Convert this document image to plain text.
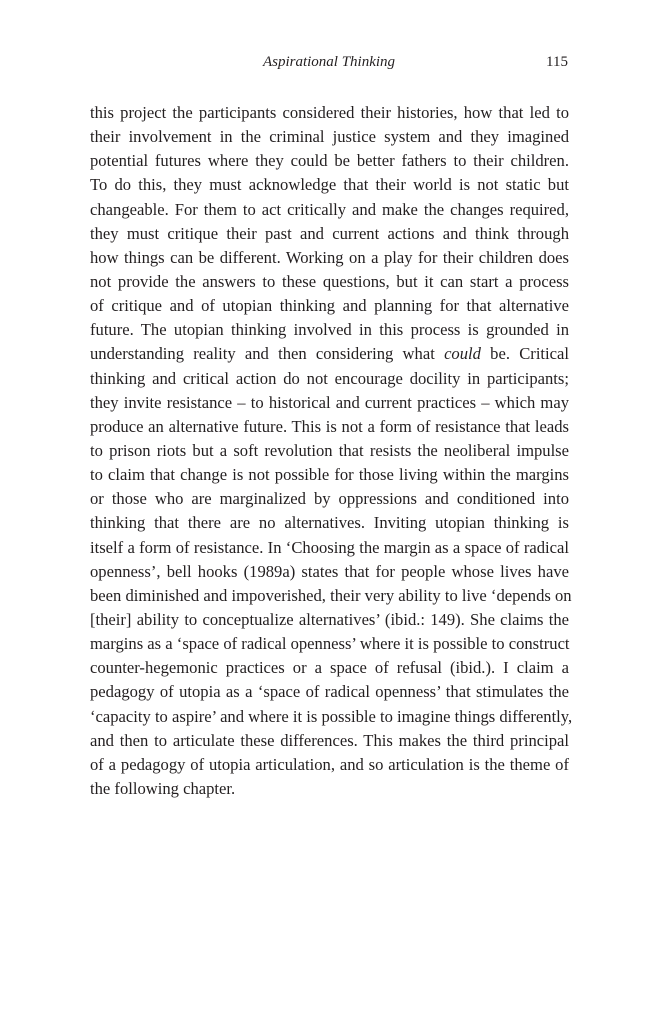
Aspirational Thinking	115
this project the participants considered their histories, how that led to
their involvement in the criminal justice system and they imagined
potential futures where they could be better fathers to their children.
To do this, they must acknowledge that their world is not static but
changeable. For them to act critically and make the changes required,
they must critique their past and current actions and think through
how things can be different. Working on a play for their children does
not provide the answers to these questions, but it can start a process
of critique and of utopian thinking and planning for that alternative
future. The utopian thinking involved in this process is grounded in
understanding reality and then considering what could be. Critical
thinking and critical action do not encourage docility in participants;
they invite resistance – to historical and current practices – which may
produce an alternative future. This is not a form of resistance that leads
to prison riots but a soft revolution that resists the neoliberal impulse
to claim that change is not possible for those living within the margins
or those who are marginalized by oppressions and conditioned into
thinking that there are no alternatives. Inviting utopian thinking is
itself a form of resistance. In ‘Choosing the margin as a space of radical
openness’, bell hooks (1989a) states that for people whose lives have
been diminished and impoverished, their very ability to live ‘depends on
[their] ability to conceptualize alternatives’ (ibid.: 149). She claims the
margins as a ‘space of radical openness’ where it is possible to construct
counter-hegemonic practices or a space of refusal (ibid.). I claim a
pedagogy of utopia as a ‘space of radical openness’ that stimulates the
‘capacity to aspire’ and where it is possible to imagine things differently,
and then to articulate these differences. This makes the third principal
of a pedagogy of utopia articulation, and so articulation is the theme of
the following chapter.
